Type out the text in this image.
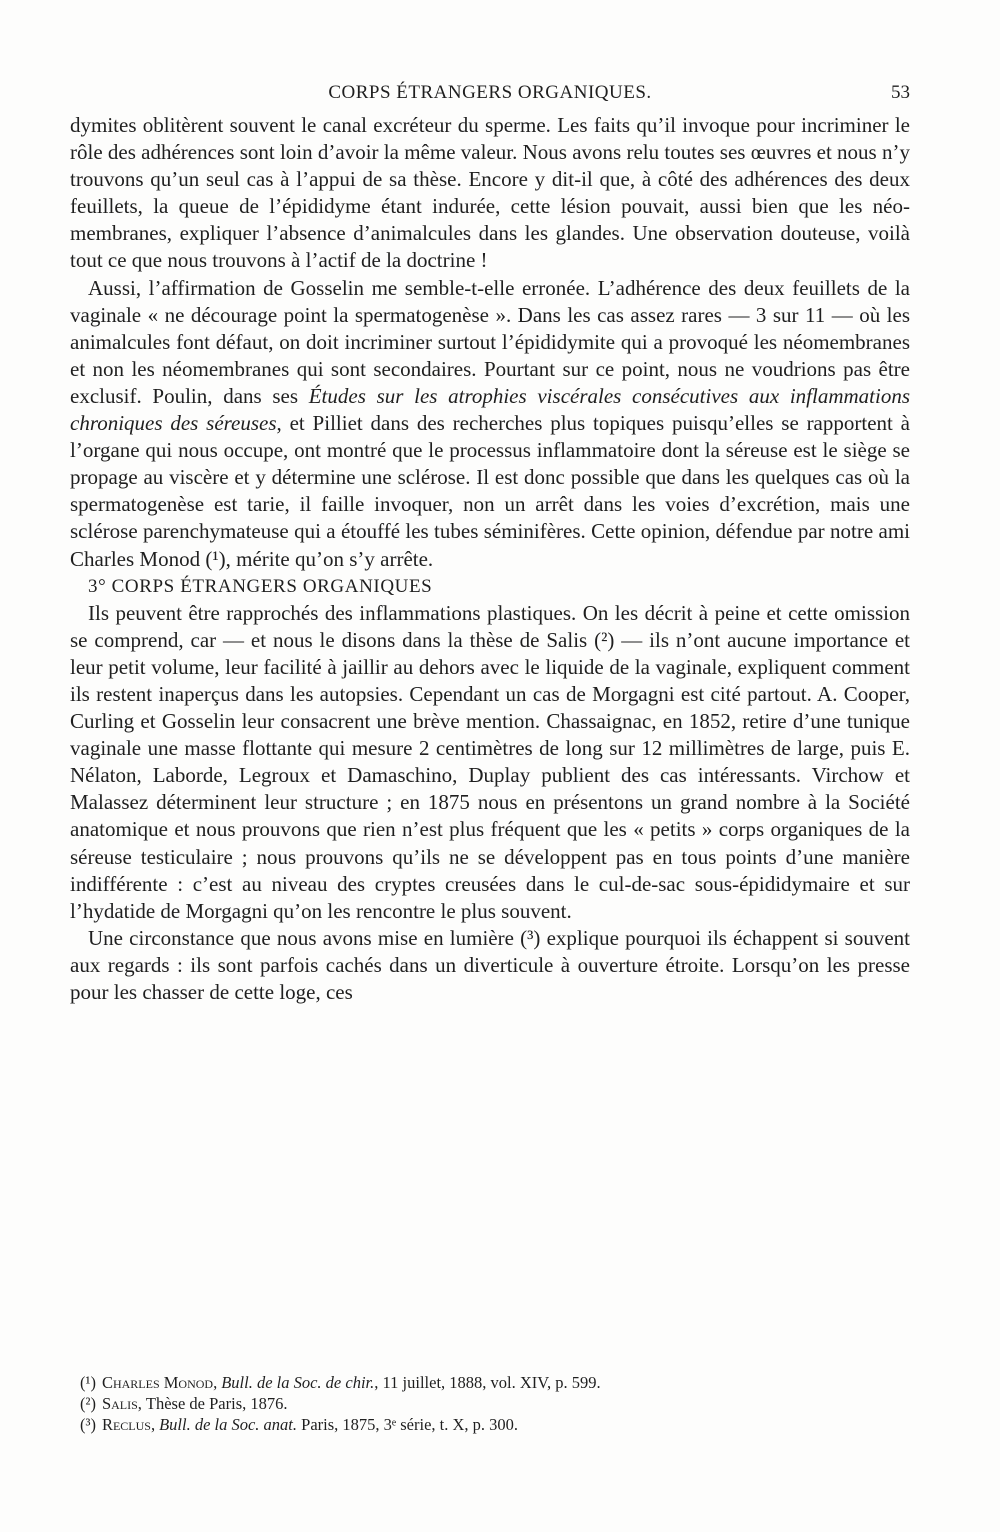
CORPS ÉTRANGERS ORGANIQUES.	53

dymites oblitèrent souvent le canal excréteur du sperme. Les faits qu’il invoque pour incriminer le rôle des adhérences sont loin d’avoir la même valeur. Nous avons relu toutes ses œuvres et nous n’y trouvons qu’un seul cas à l’appui de sa thèse. Encore y dit-il que, à côté des adhérences des deux feuillets, la queue de l’épididyme étant indurée, cette lésion pouvait, aussi bien que les néo-membranes, expliquer l’absence d’animalcules dans les glandes. Une observation douteuse, voilà tout ce que nous trouvons à l’actif de la doctrine !

Aussi, l’affirmation de Gosselin me semble-t-elle erronée. L’adhérence des deux feuillets de la vaginale « ne décourage point la spermatogenèse ». Dans les cas assez rares — 3 sur 11 — où les animalcules font défaut, on doit incriminer surtout l’épididymite qui a provoqué les néomembranes et non les néomembranes qui sont secondaires. Pourtant sur ce point, nous ne voudrions pas être exclusif. Poulin, dans ses Études sur les atrophies viscérales consécutives aux inflammations chroniques des séreuses, et Pilliet dans des recherches plus topiques puisqu’elles se rapportent à l’organe qui nous occupe, ont montré que le processus inflammatoire dont la séreuse est le siège se propage au viscère et y détermine une sclérose. Il est donc possible que dans les quelques cas où la spermatogenèse est tarie, il faille invoquer, non un arrêt dans les voies d’excrétion, mais une sclérose parenchymateuse qui a étouffé les tubes séminifères. Cette opinion, défendue par notre ami Charles Monod (¹), mérite qu’on s’y arrête.

3° CORPS ÉTRANGERS ORGANIQUES

Ils peuvent être rapprochés des inflammations plastiques. On les décrit à peine et cette omission se comprend, car — et nous le disons dans la thèse de Salis (²) — ils n’ont aucune importance et leur petit volume, leur facilité à jaillir au dehors avec le liquide de la vaginale, expliquent comment ils restent inaperçus dans les autopsies. Cependant un cas de Morgagni est cité partout. A. Cooper, Curling et Gosselin leur consacrent une brève mention. Chassaignac, en 1852, retire d’une tunique vaginale une masse flottante qui mesure 2 centimètres de long sur 12 millimètres de large, puis E. Nélaton, Laborde, Legroux et Damaschino, Duplay publient des cas intéressants. Virchow et Malassez déterminent leur structure ; en 1875 nous en présentons un grand nombre à la Société anatomique et nous prouvons que rien n’est plus fréquent que les « petits » corps organiques de la séreuse testiculaire ; nous prouvons qu’ils ne se développent pas en tous points d’une manière indifférente : c’est au niveau des cryptes creusées dans le cul-de-sac sous-épididymaire et sur l’hydatide de Morgagni qu’on les rencontre le plus souvent.

Une circonstance que nous avons mise en lumière (³) explique pourquoi ils échappent si souvent aux regards : ils sont parfois cachés dans un diverticule à ouverture étroite. Lorsqu’on les presse pour les chasser de cette loge, ces

(¹) Charles Monod, Bull. de la Soc. de chir., 11 juillet, 1888, vol. XIV, p. 599.
(²) Salis, Thèse de Paris, 1876.
(³) Reclus, Bull. de la Soc. anat. Paris, 1875, 3ᵉ série, t. X, p. 300.
